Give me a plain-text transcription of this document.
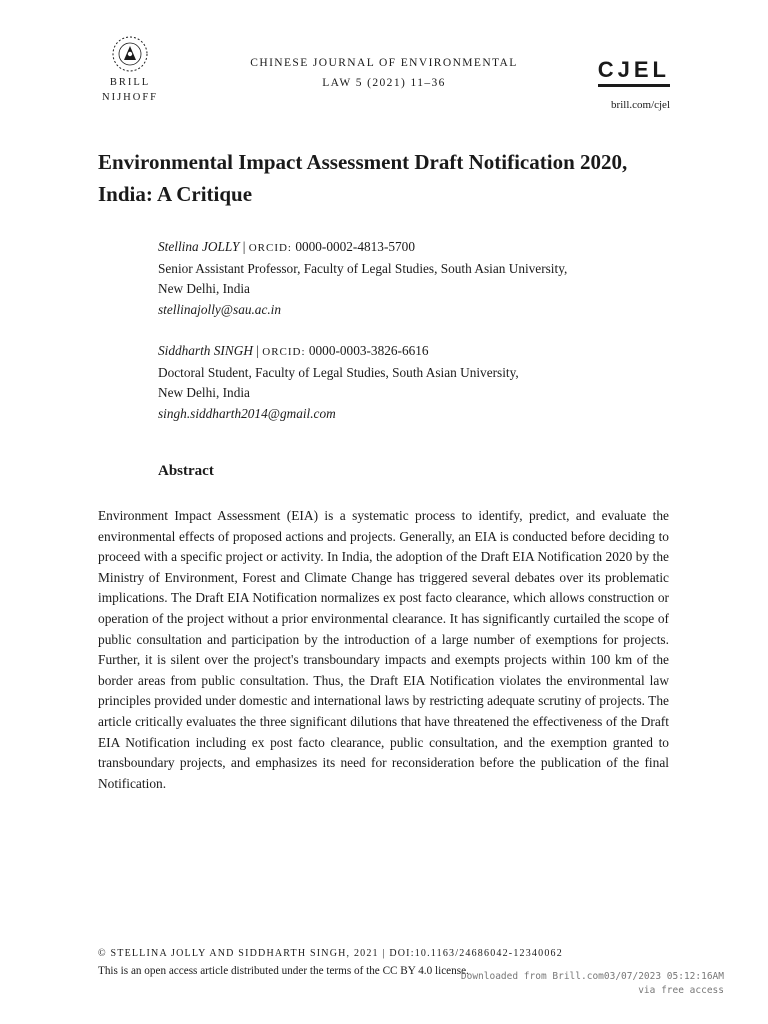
BRILL
NIJHOFF
CHINESE JOURNAL OF ENVIRONMENTAL
LAW 5 (2021) 11–36
CJEL
brill.com/cjel
Environmental Impact Assessment Draft Notification 2020, India: A Critique
Stellina JOLLY | ORCID: 0000-0002-4813-5700
Senior Assistant Professor, Faculty of Legal Studies, South Asian University,
New Delhi, India
stellinajolly@sau.ac.in
Siddharth SINGH | ORCID: 0000-0003-3826-6616
Doctoral Student, Faculty of Legal Studies, South Asian University,
New Delhi, India
singh.siddharth2014@gmail.com
Abstract
Environment Impact Assessment (EIA) is a systematic process to identify, predict, and evaluate the environmental effects of proposed actions and projects. Generally, an EIA is conducted before deciding to proceed with a specific project or activity. In India, the adoption of the Draft EIA Notification 2020 by the Ministry of Environment, Forest and Climate Change has triggered several debates over its problematic implications. The Draft EIA Notification normalizes ex post facto clearance, which allows construction or operation of the project without a prior environmental clearance. It has significantly curtailed the scope of public consultation and participation by the introduction of a large number of exemptions for projects. Further, it is silent over the project's transboundary impacts and exempts projects within 100 km of the border areas from public consultation. Thus, the Draft EIA Notification violates the environmental law principles provided under domestic and international laws by restricting adequate scrutiny of projects. The article critically evaluates the three significant dilutions that have threatened the effectiveness of the Draft EIA Notification including ex post facto clearance, public consultation, and the exemption granted to transboundary projects, and emphasizes its need for reconsideration before the publication of the final Notification.
© STELLINA JOLLY AND SIDDHARTH SINGH, 2021 | DOI:10.1163/24686042-12340062
This is an open access article distributed under the terms of the CC BY 4.0 license.
Downloaded from Brill.com03/07/2023 05:12:16AM
via free access
